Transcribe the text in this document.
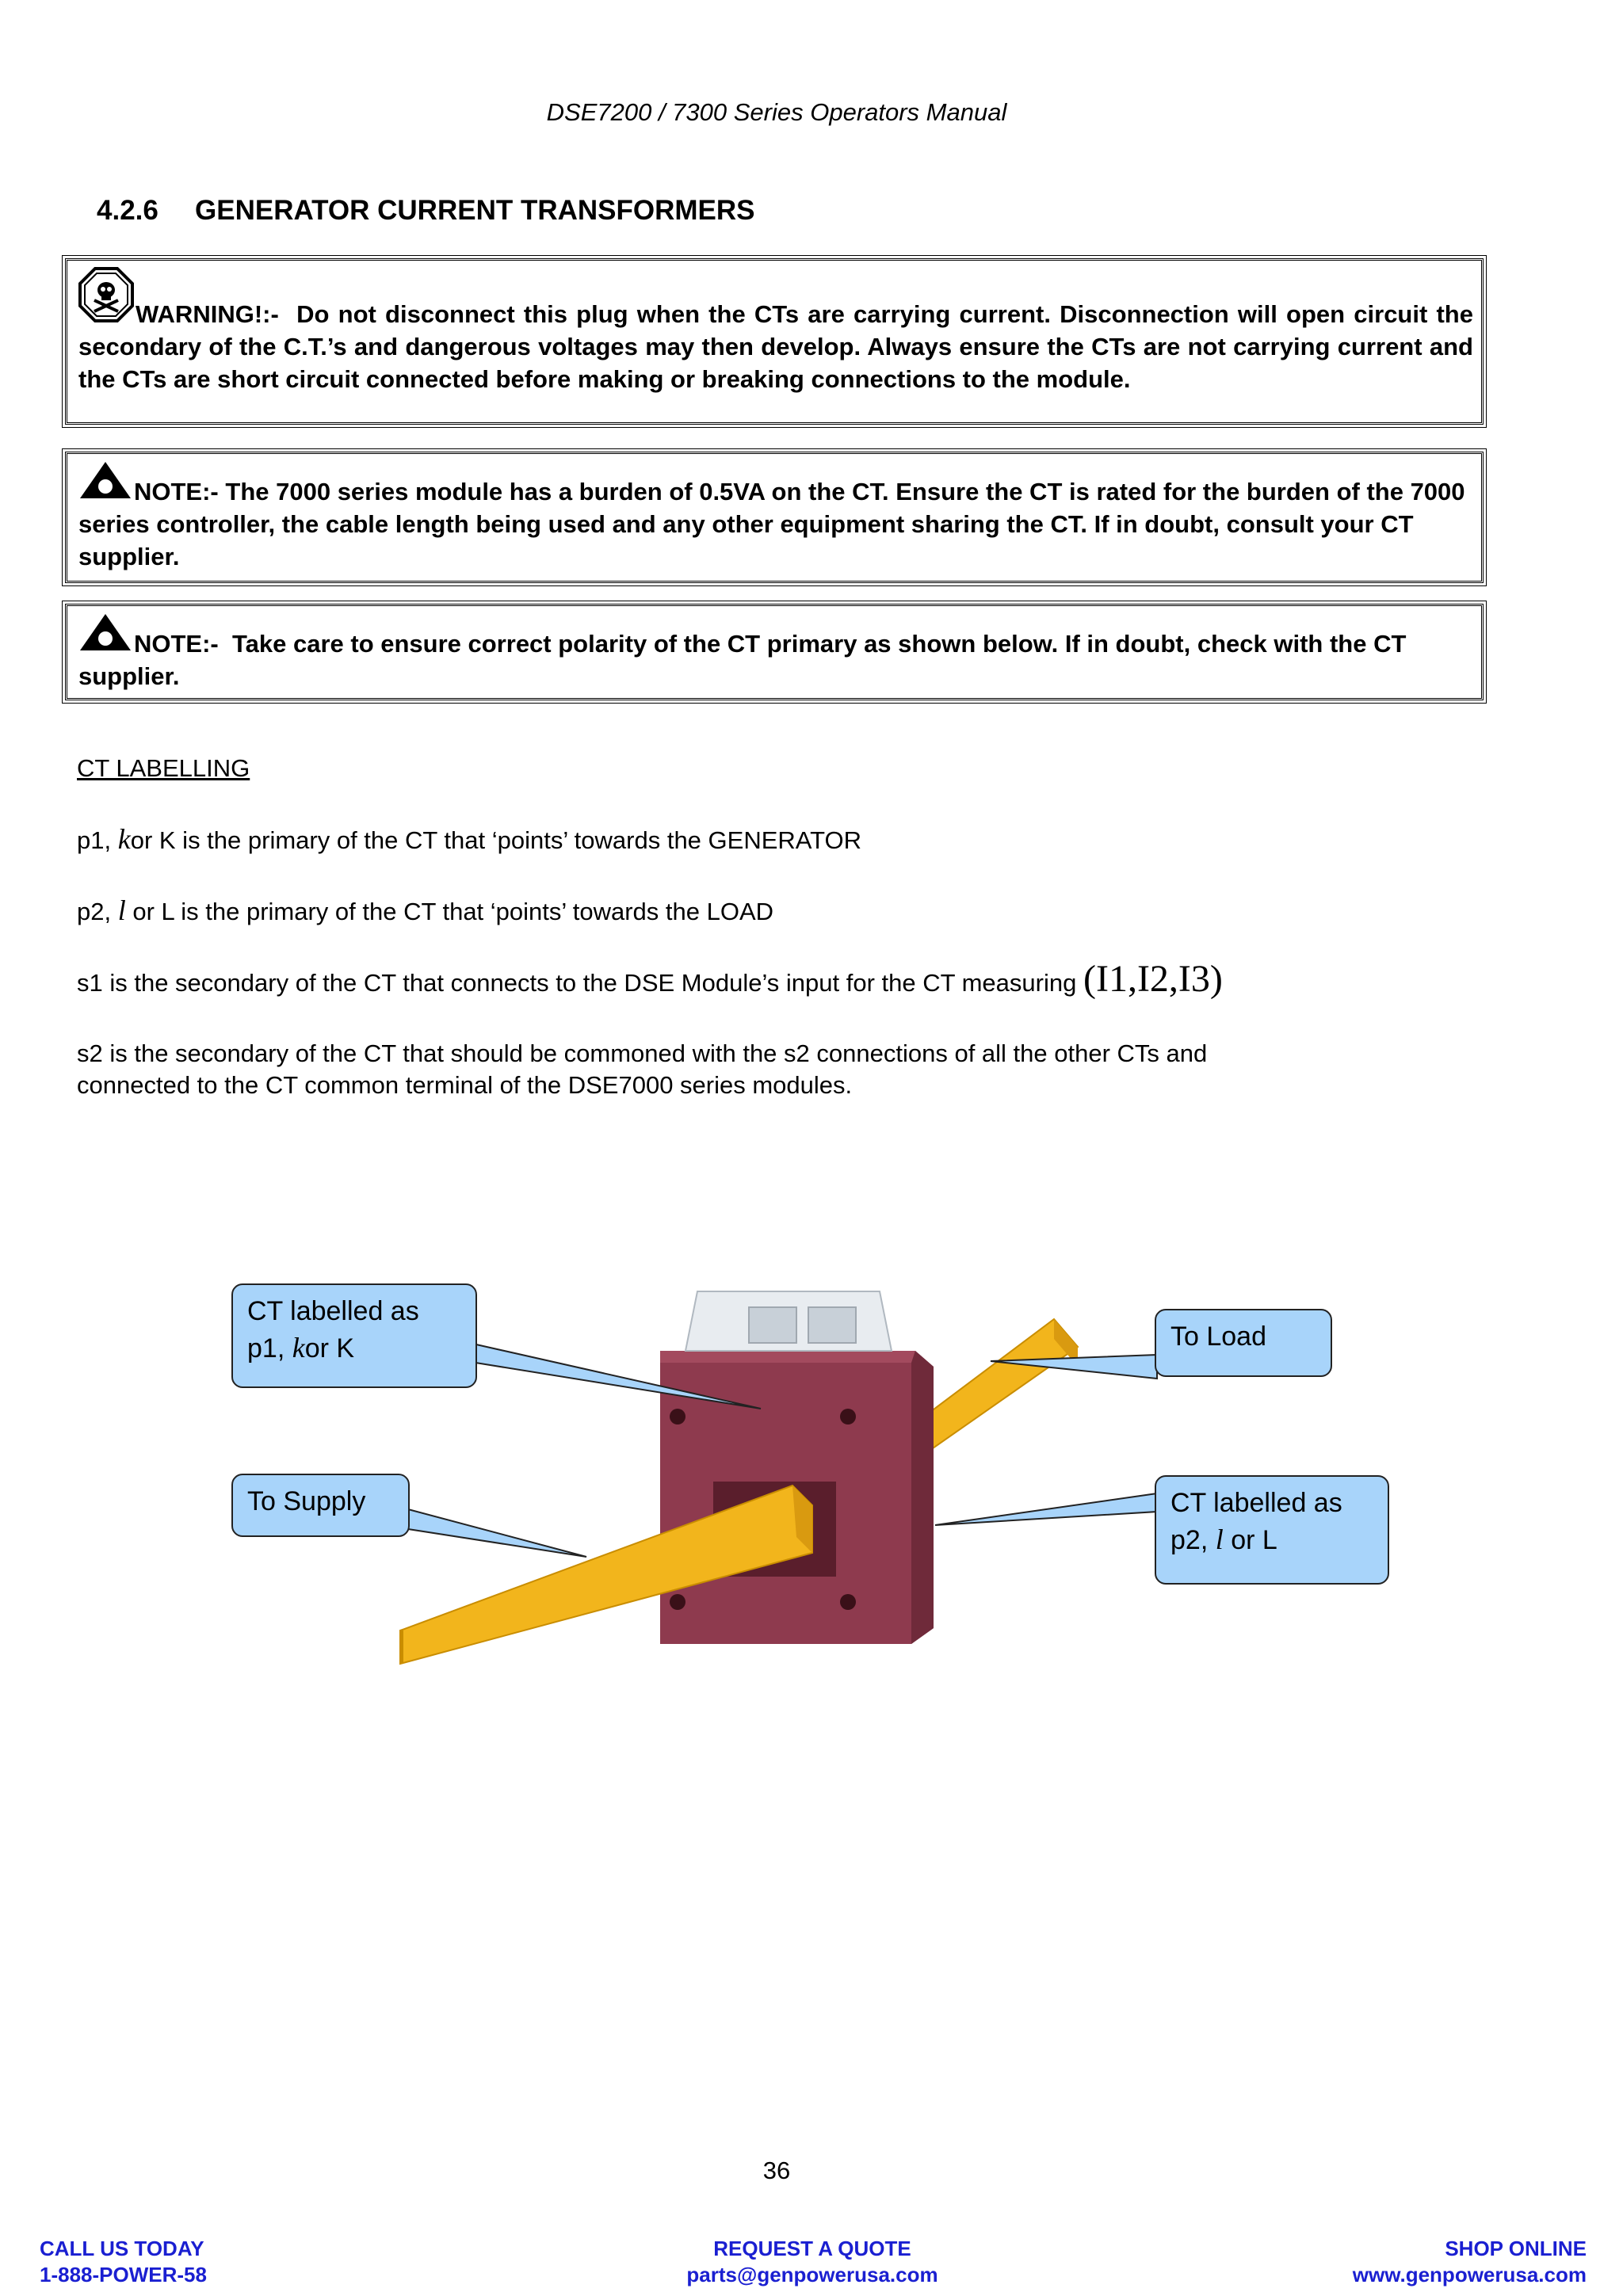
DSE7200 / 7300 Series Operators Manual
4.2.6 GENERATOR CURRENT TRANSFORMERS
WARNING!:- Do not disconnect this plug when the CTs are carrying current. Disconnection will open circuit the secondary of the C.T.’s and dangerous voltages may then develop. Always ensure the CTs are not carrying current and the CTs are short circuit connected before making or breaking connections to the module.
NOTE:- The 7000 series module has a burden of 0.5VA on the CT. Ensure the CT is rated for the burden of the 7000 series controller, the cable length being used and any other equipment sharing the CT. If in doubt, consult your CT supplier.
NOTE:- Take care to ensure correct polarity of the CT primary as shown below. If in doubt, check with the CT supplier.
CT LABELLING
p1, kor K is the primary of the CT that ‘points’ towards the GENERATOR
p2, l or L is the primary of the CT that ‘points’ towards the LOAD
s1 is the secondary of the CT that connects to the DSE Module’s input for the CT measuring (I1,I2,I3)
s2 is the secondary of the CT that should be commoned with the s2 connections of all the other CTs and
connected to the CT common terminal of the DSE7000 series modules.
CT labelled as
p1, kor K	To Load
To Supply	CT labelled as
p2, l or L
36
CALL US TODAY
1-888-POWER-58
REQUEST A QUOTE
parts@genpowerusa.com
SHOP ONLINE
www.genpowerusa.com
